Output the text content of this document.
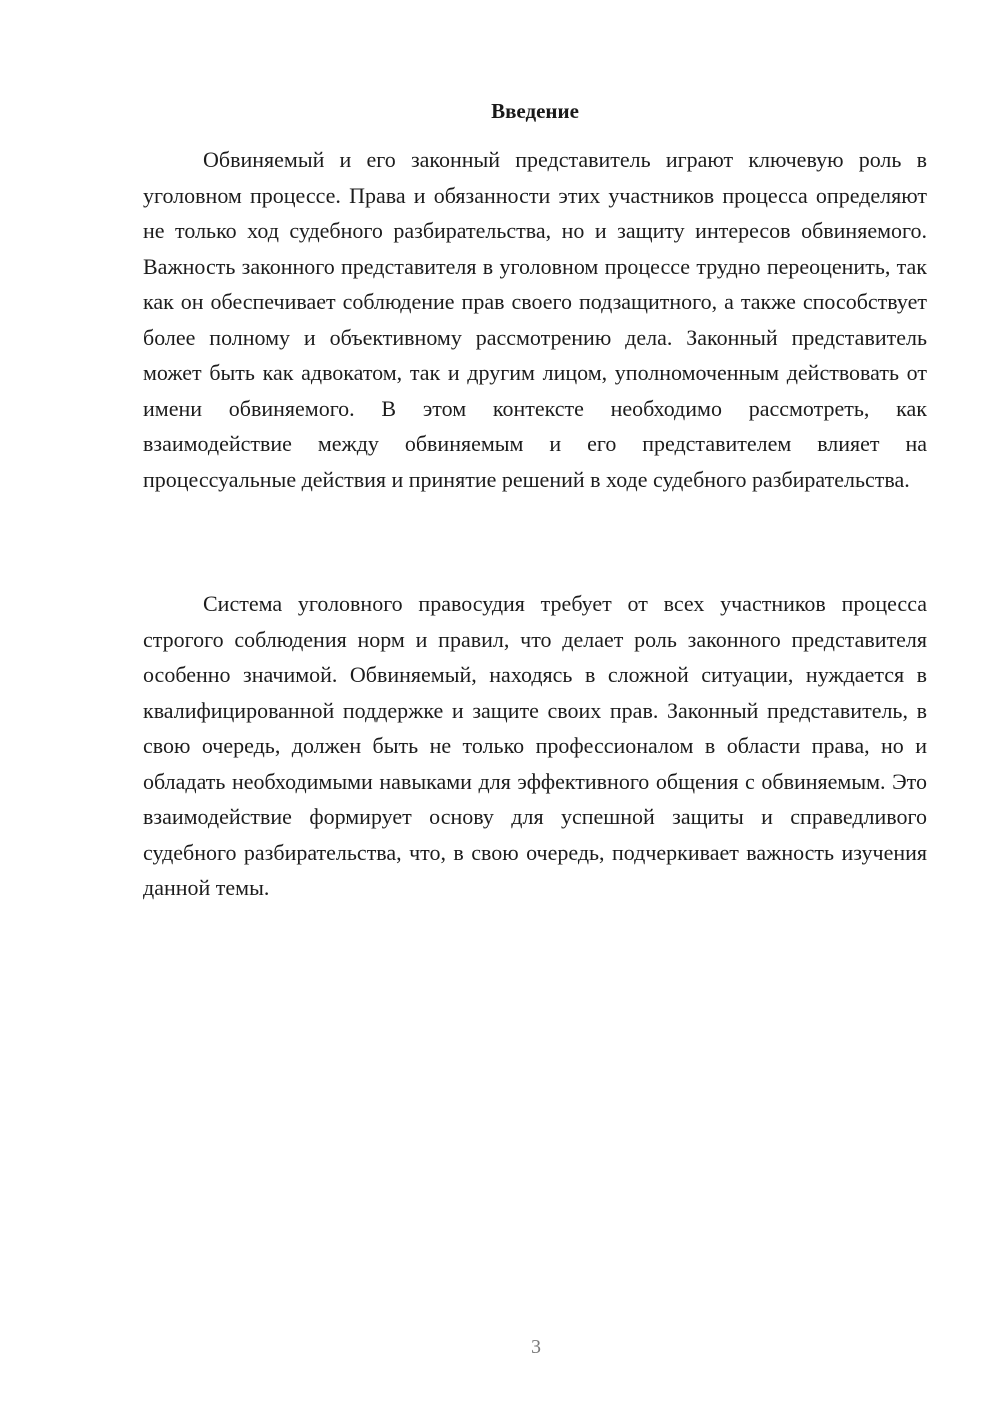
Введение

Обвиняемый и его законный представитель играют ключевую роль в уголовном процессе. Права и обязанности этих участников процесса определяют не только ход судебного разбирательства, но и защиту интересов обвиняемого. Важность законного представителя в уголовном процессе трудно переоценить, так как он обеспечивает соблюдение прав своего подзащитного, а также способствует более полному и объективному рассмотрению дела. Законный представитель может быть как адвокатом, так и другим лицом, уполномоченным действовать от имени обвиняемого. В этом контексте необходимо рассмотреть, как взаимодействие между обвиняемым и его представителем влияет на процессуальные действия и принятие решений в ходе судебного разбирательства.

Система уголовного правосудия требует от всех участников процесса строгого соблюдения норм и правил, что делает роль законного представителя особенно значимой. Обвиняемый, находясь в сложной ситуации, нуждается в квалифицированной поддержке и защите своих прав. Законный представитель, в свою очередь, должен быть не только профессионалом в области права, но и обладать необходимыми навыками для эффективного общения с обвиняемым. Это взаимодействие формирует основу для успешной защиты и справедливого судебного разбирательства, что, в свою очередь, подчеркивает важность изучения данной темы.

3
